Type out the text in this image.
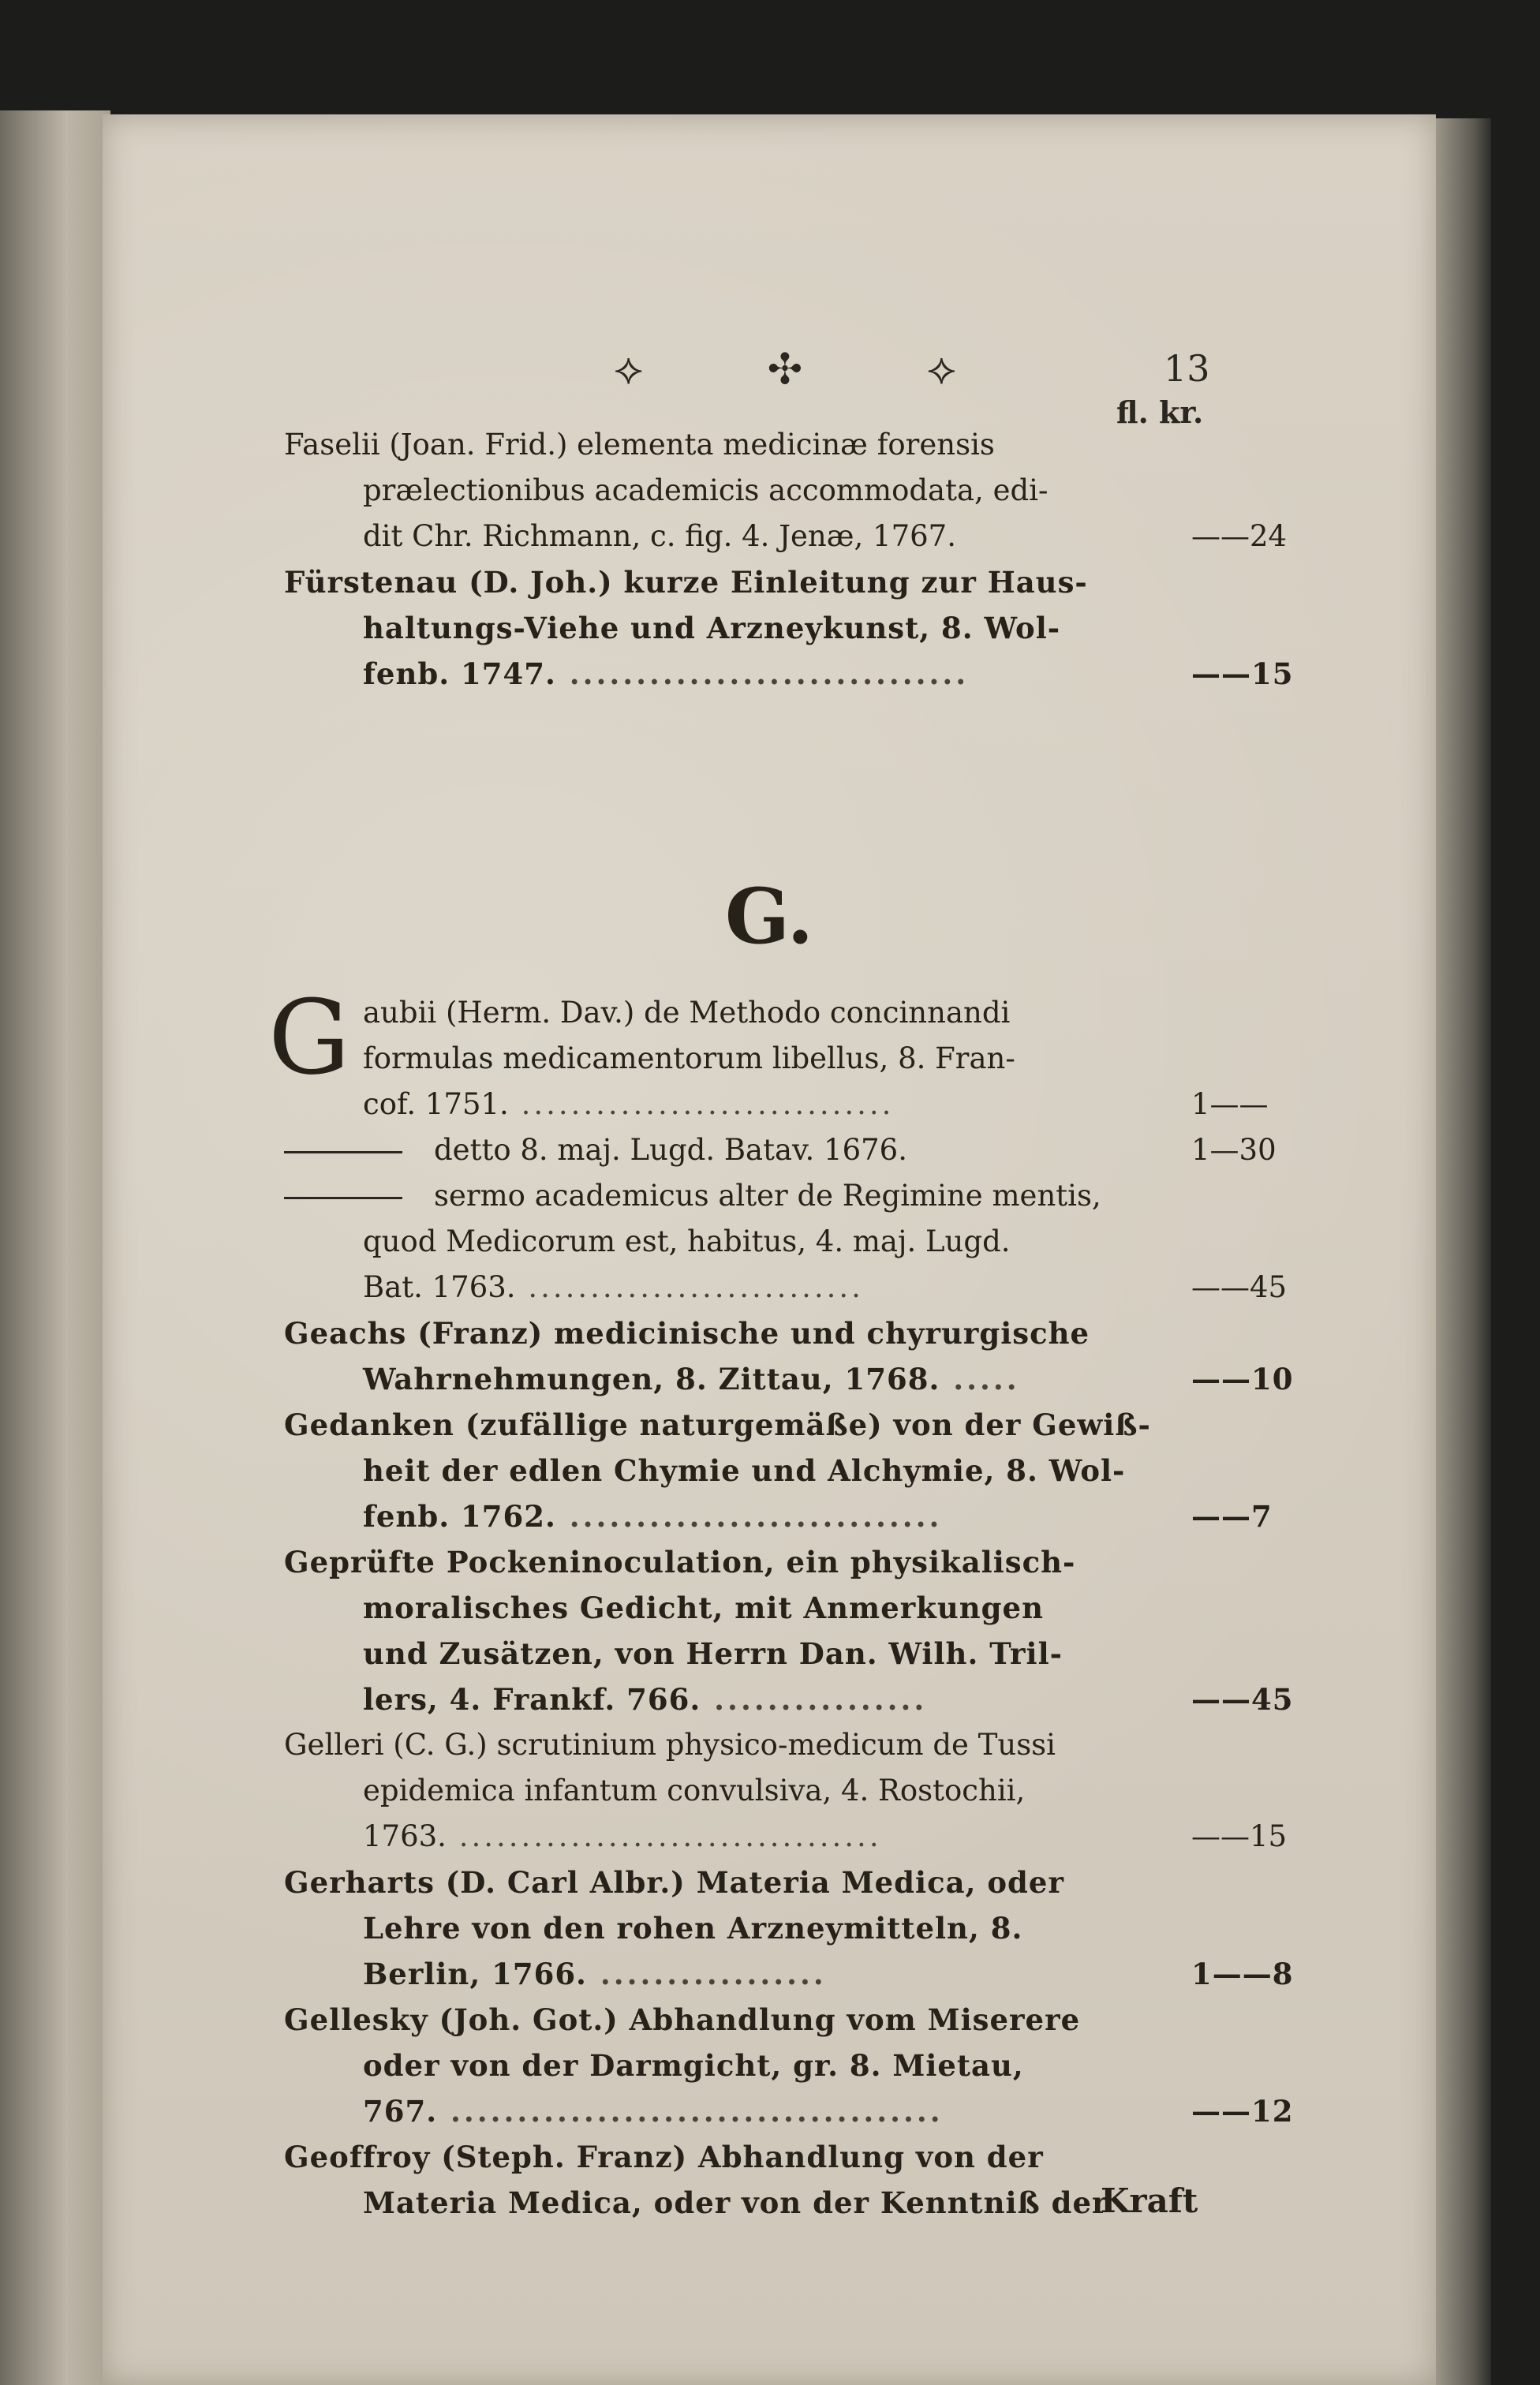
⟡ ✣ ⟡	13
fl. kr.
Faselii (Joan. Frid.) elementa medicinæ forensis
prælectionibus academicis accommodata, edi-
dit Chr. Richmann, c. fig. 4. Jenæ, 1767.	——24
Fürstenau (D. Joh.) kurze Einleitung zur Haus-
haltungs-Viehe und Arzneykunst, 8. Wol-
fenb. 1747. ..............................	——15
G.
G aubii (Herm. Dav.) de Methodo concinnandi
formulas medicamentorum libellus, 8. Fran-
cof. 1751. ..............................	1——
detto 8. maj. Lugd. Batav. 1676.	1—30
sermo academicus alter de Regimine mentis,
quod Medicorum est, habitus, 4. maj. Lugd.
Bat. 1763. ...........................	——45
Geachs (Franz) medicinische und chyrurgische
Wahrnehmungen, 8. Zittau, 1768. .....	——10
Gedanken (zufällige naturgemäße) von der Gewiß-
heit der edlen Chymie und Alchymie, 8. Wol-
fenb. 1762. ............................	——7
Geprüfte Pockeninoculation, ein physikalisch-
moralisches Gedicht, mit Anmerkungen
und Zusätzen, von Herrn Dan. Wilh. Tril-
lers, 4. Frankf. 766. ................	——45
Gelleri (C. G.) scrutinium physico-medicum de Tussi
epidemica infantum convulsiva, 4. Rostochii,
1763. ..................................	——15
Gerharts (D. Carl Albr.) Materia Medica, oder
Lehre von den rohen Arzneymitteln, 8.
Berlin, 1766. .................	1——8
Gellesky (Joh. Got.) Abhandlung vom Miserere
oder von der Darmgicht, gr. 8. Mietau,
767. .....................................	——12
Geoffroy (Steph. Franz) Abhandlung von der
Materia Medica, oder von der Kenntniß der
Kraft
